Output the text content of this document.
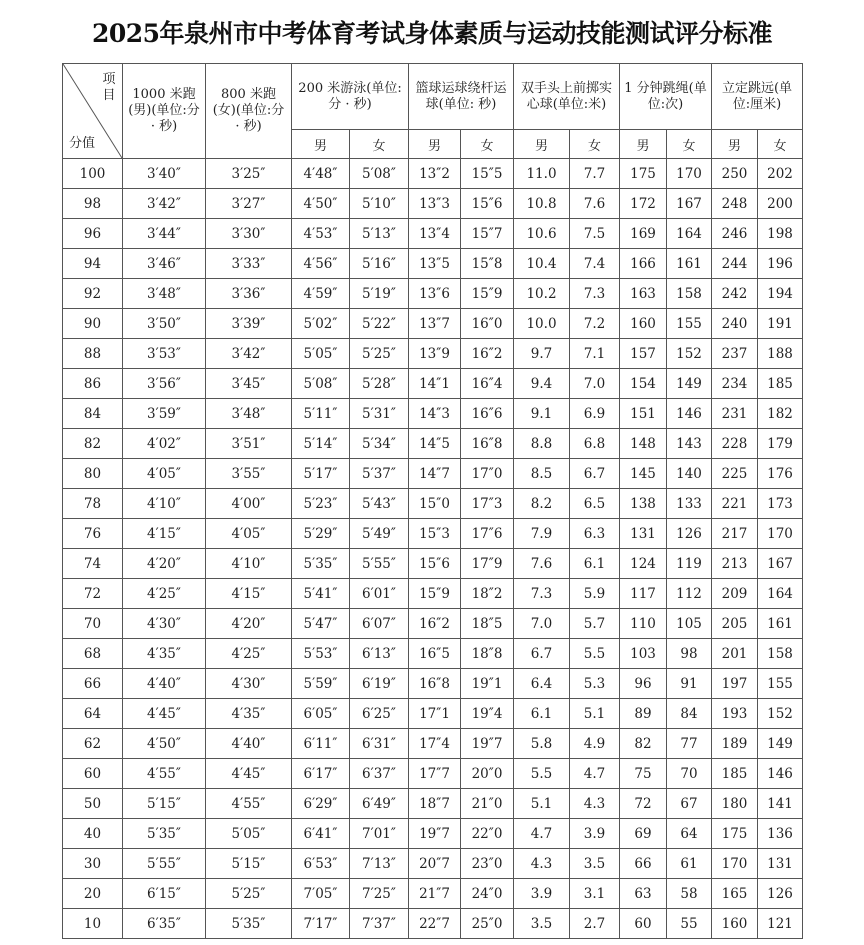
2025年泉州市中考体育考试身体素质与运动技能测试评分标准
项目
分值	1000 米跑(男)(单位:分 · 秒)	800 米跑(女)(单位:分 · 秒)	200 米游泳(单位:分 · 秒)		篮球运球绕杆运球(单位: 秒)		双手头上前掷实心球(单位:米)		1 分钟跳绳(单位:次)		立定跳远(单位:厘米)	

			男	女	男	女	男	女	男	女	男	女
100	3′40″	3′25″	4′48″	5′08″	13″2	15″5	11.0	7.7	175	170	250	202
98	3′42″	3′27″	4′50″	5′10″	13″3	15″6	10.8	7.6	172	167	248	200
96	3′44″	3′30″	4′53″	5′13″	13″4	15″7	10.6	7.5	169	164	246	198
94	3′46″	3′33″	4′56″	5′16″	13″5	15″8	10.4	7.4	166	161	244	196
92	3′48″	3′36″	4′59″	5′19″	13″6	15″9	10.2	7.3	163	158	242	194
90	3′50″	3′39″	5′02″	5′22″	13″7	16″0	10.0	7.2	160	155	240	191
88	3′53″	3′42″	5′05″	5′25″	13″9	16″2	9.7	7.1	157	152	237	188
86	3′56″	3′45″	5′08″	5′28″	14″1	16″4	9.4	7.0	154	149	234	185
84	3′59″	3′48″	5′11″	5′31″	14″3	16″6	9.1	6.9	151	146	231	182
82	4′02″	3′51″	5′14″	5′34″	14″5	16″8	8.8	6.8	148	143	228	179
80	4′05″	3′55″	5′17″	5′37″	14″7	17″0	8.5	6.7	145	140	225	176
78	4′10″	4′00″	5′23″	5′43″	15″0	17″3	8.2	6.5	138	133	221	173
76	4′15″	4′05″	5′29″	5′49″	15″3	17″6	7.9	6.3	131	126	217	170
74	4′20″	4′10″	5′35″	5′55″	15″6	17″9	7.6	6.1	124	119	213	167
72	4′25″	4′15″	5′41″	6′01″	15″9	18″2	7.3	5.9	117	112	209	164
70	4′30″	4′20″	5′47″	6′07″	16″2	18″5	7.0	5.7	110	105	205	161
68	4′35″	4′25″	5′53″	6′13″	16″5	18″8	6.7	5.5	103	98	201	158
66	4′40″	4′30″	5′59″	6′19″	16″8	19″1	6.4	5.3	96	91	197	155
64	4′45″	4′35″	6′05″	6′25″	17″1	19″4	6.1	5.1	89	84	193	152
62	4′50″	4′40″	6′11″	6′31″	17″4	19″7	5.8	4.9	82	77	189	149
60	4′55″	4′45″	6′17″	6′37″	17″7	20″0	5.5	4.7	75	70	185	146
50	5′15″	4′55″	6′29″	6′49″	18″7	21″0	5.1	4.3	72	67	180	141
40	5′35″	5′05″	6′41″	7′01″	19″7	22″0	4.7	3.9	69	64	175	136
30	5′55″	5′15″	6′53″	7′13″	20″7	23″0	4.3	3.5	66	61	170	131
20	6′15″	5′25″	7′05″	7′25″	21″7	24″0	3.9	3.1	63	58	165	126
10	6′35″	5′35″	7′17″	7′37″	22″7	25″0	3.5	2.7	60	55	160	121
